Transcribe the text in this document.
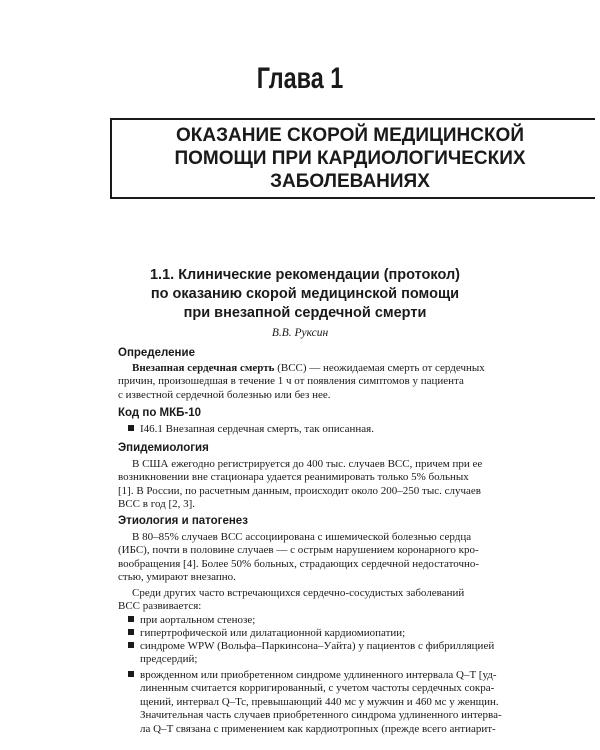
Глава 1
ОКАЗАНИЕ СКОРОЙ МЕДИЦИНСКОЙ
ПОМОЩИ ПРИ КАРДИОЛОГИЧЕСКИХ
ЗАБОЛЕВАНИЯХ
1.1. Клинические рекомендации (протокол)
по оказанию скорой медицинской помощи
при внезапной сердечной смерти
В.В. Руксин
Определение
Внезапная сердечная смерть (ВСС) — неожидаемая смерть от сердечных
причин, произошедшая в течение 1 ч от появления симптомов у пациента
с известной сердечной болезнью или без нее.
Код по МКБ-10
I46.1 Внезапная сердечная смерть, так описанная.
Эпидемиология
В США ежегодно регистрируется до 400 тыс. случаев ВСС, причем при ее
возникновении вне стационара удается реанимировать только 5% больных
[1]. В России, по расчетным данным, происходит около 200–250 тыс. случаев
ВСС в год [2, 3].
Этиология и патогенез
В 80–85% случаев ВСС ассоциирована с ишемической болезнью сердца
(ИБС), почти в половине случаев — с острым нарушением коронарного кро-
вообращения [4]. Более 50% больных, страдающих сердечной недостаточно-
стью, умирают внезапно.
Среди других часто встречающихся сердечно-сосудистых заболеваний
ВСС развивается:
при аортальном стенозе;
гипертрофической или дилатационной кардиомиопатии;
синдроме WPW (Вольфа–Паркинсона–Уайта) у пациентов с фибрилляцией
предсердий;
врожденном или приобретенном синдроме удлиненного интервала Q–T [уд-
линенным считается корригированный, с учетом частоты сердечных сокра-
щений, интервал Q–Tc, превышающий 440 мс у мужчин и 460 мс у женщин.
Значительная часть случаев приобретенного синдрома удлиненного интерва-
ла Q–T связана с применением как кардиотропных (прежде всего антиарит-
